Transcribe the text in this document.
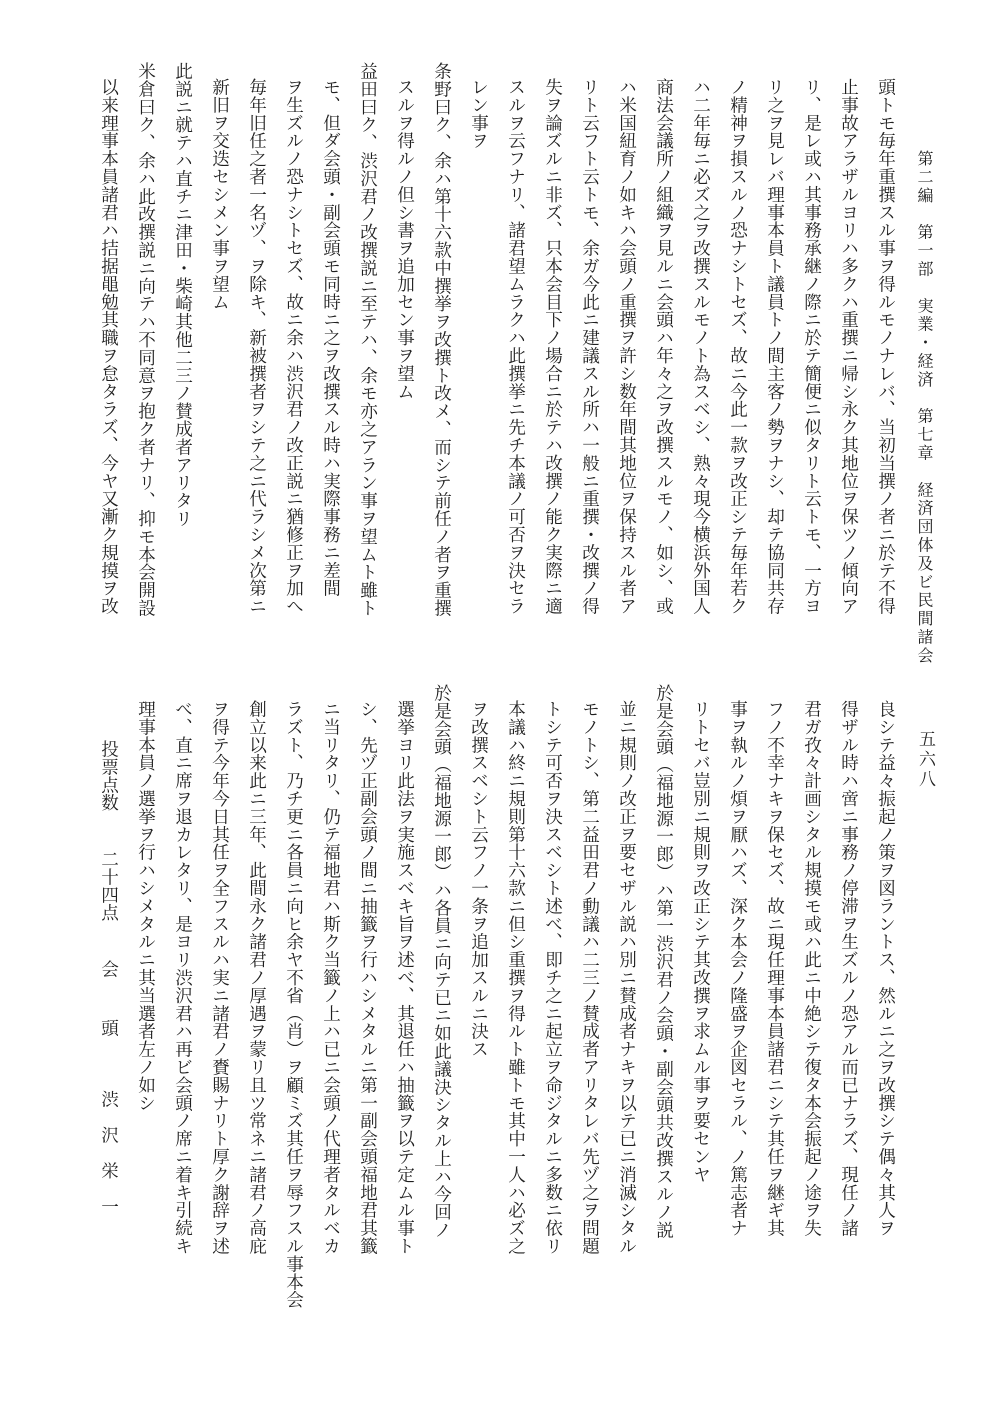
第二編　第一部　実業・経済　第七章　経済団体及ビ民間諸会
五六八
頭トモ毎年重撰スル事ヲ得ルモノナレバ、当初当撰ノ者ニ於テ不得
止事故アラザルヨリハ多クハ重撰ニ帰シ永ク其地位ヲ保ツノ傾向ア
リ、是レ或ハ其事務承継ノ際ニ於テ簡便ニ似タリト云トモ、一方ヨ
リ之ヲ見レバ理事本員ト議員トノ間主客ノ勢ヲナシ、却テ協同共存
ノ精神ヲ損スルノ恐ナシトセズ、故ニ今此一款ヲ改正シテ毎年若ク
ハ二年毎ニ必ズ之ヲ改撰スルモノト為スベシ、熟々現今横浜外国人
商法会議所ノ組織ヲ見ルニ会頭ハ年々之ヲ改撰スルモノ、如シ、或
ハ米国紐育ノ如キハ会頭ノ重撰ヲ許シ数年間其地位ヲ保持スル者ア
リト云フト云トモ、余ガ今此ニ建議スル所ハ一般ニ重撰・改撰ノ得
失ヲ論ズルニ非ズ、只本会目下ノ場合ニ於テハ改撰ノ能ク実際ニ適
スルヲ云フナリ、諸君望ムラクハ此撰挙ニ先チ本議ノ可否ヲ決セラ
レン事ヲ
条野曰ク、余ハ第十六款中撰挙ヲ改撰ト改メ、而シテ前任ノ者ヲ重撰
スルヲ得ルノ但シ書ヲ追加セン事ヲ望ム
益田曰ク、渋沢君ノ改撰説ニ至テハ、余モ亦之アラン事ヲ望ムト雖ト
モ、但ダ会頭・副会頭モ同時ニ之ヲ改撰スル時ハ実際事務ニ差間
ヲ生ズルノ恐ナシトセズ、故ニ余ハ渋沢君ノ改正説ニ猶修正ヲ加へ
毎年旧任之者一名ヅ、ヲ除キ、新被撰者ヲシテ之ニ代ラシメ次第ニ
新旧ヲ交迭セシメン事ヲ望ム
此説ニ就テハ直チニ津田・柴崎其他二三ノ賛成者アリタリ
米倉曰ク、余ハ此改撰説ニ向テハ不同意ヲ抱ク者ナリ、抑モ本会開設
以来理事本員諸君ハ拮据黽勉其職ヲ怠タラズ、今ヤ又漸ク規摸ヲ改
良シテ益々振起ノ策ヲ図ラントス、然ルニ之ヲ改撰シテ偶々其人ヲ
得ザル時ハ啻ニ事務ノ停滞ヲ生ズルノ恐アル而已ナラズ、現任ノ諸
君ガ孜々計画シタル規摸モ或ハ此ニ中絶シテ復タ本会振起ノ途ヲ失
フノ不幸ナキヲ保セズ、故ニ現任理事本員諸君ニシテ其任ヲ継ギ其
事ヲ執ルノ煩ヲ厭ハズ、深ク本会ノ隆盛ヲ企図セラル、ノ篤志者ナ
リトセバ豈別ニ規則ヲ改正シテ其改撰ヲ求ムル事ヲ要センヤ
於是会頭（福地源一郎）ハ第一渋沢君ノ会頭・副会頭共改撰スルノ説
並ニ規則ノ改正ヲ要セザル説ハ別ニ賛成者ナキヲ以テ已ニ消滅シタル
モノトシ、第二益田君ノ動議ハ二三ノ賛成者アリタレバ先ヅ之ヲ問題
トシテ可否ヲ決スベシト述べ、即チ之ニ起立ヲ命ジタルニ多数ニ依リ
本議ハ終ニ規則第十六款ニ但シ重撰ヲ得ルト雖トモ其中一人ハ必ズ之
ヲ改撰スベシト云フノ一条ヲ追加スルニ決ス
於是会頭（福地源一郎）ハ各員ニ向テ已ニ如此議決シタル上ハ今回ノ
選挙ヨリ此法ヲ実施スベキ旨ヲ述べ、其退任ハ抽籤ヲ以テ定ムル事ト
シ、先ヅ正副会頭ノ間ニ抽籤ヲ行ハシメタルニ第一副会頭福地君其籤
ニ当リタリ、仍テ福地君ハ斯ク当籤ノ上ハ已ニ会頭ノ代理者タルベカ
ラズト、乃チ更ニ各員ニ向ヒ余ヤ不省（肖）ヲ顧ミズ其任ヲ辱フスル事本会
創立以来此ニ三年、此間永ク諸君ノ厚遇ヲ蒙リ且ツ常ネニ諸君ノ高庇
ヲ得テ今年今日其任ヲ全フスルハ実ニ諸君ノ賚賜ナリト厚ク謝辞ヲ述
べ、直ニ席ヲ退カレタリ、是ヨリ渋沢君ハ再ビ会頭ノ席ニ着キ引続キ
理事本員ノ選挙ヲ行ハシメタルニ其当選者左ノ如シ
投票点数
二十四点
会　頭
渋　沢　栄　一
